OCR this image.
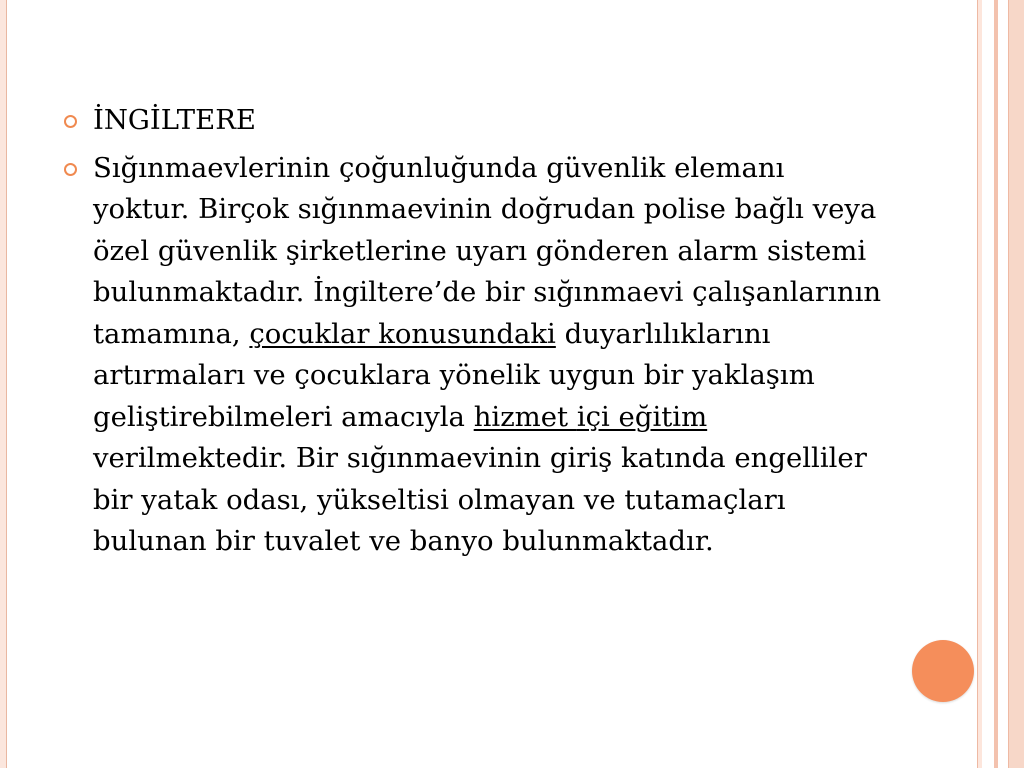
İNGİLTERE
Sığınmaevlerinin çoğunluğunda güvenlik elemanı yoktur. Birçok sığınmaevinin doğrudan polise bağlı veya özel güvenlik şirketlerine uyarı gönderen alarm sistemi bulunmaktadır. İngiltere’de bir sığınmaevi çalışanlarının tamamına, çocuklar konusundaki duyarlılıklarını artırmaları ve çocuklara yönelik uygun bir yaklaşım geliştirebilmeleri amacıyla hizmet içi eğitim verilmektedir. Bir sığınmaevinin giriş katında engelliler bir yatak odası, yükseltisi olmayan ve tutamaçları bulunan bir tuvalet ve banyo bulunmaktadır.
